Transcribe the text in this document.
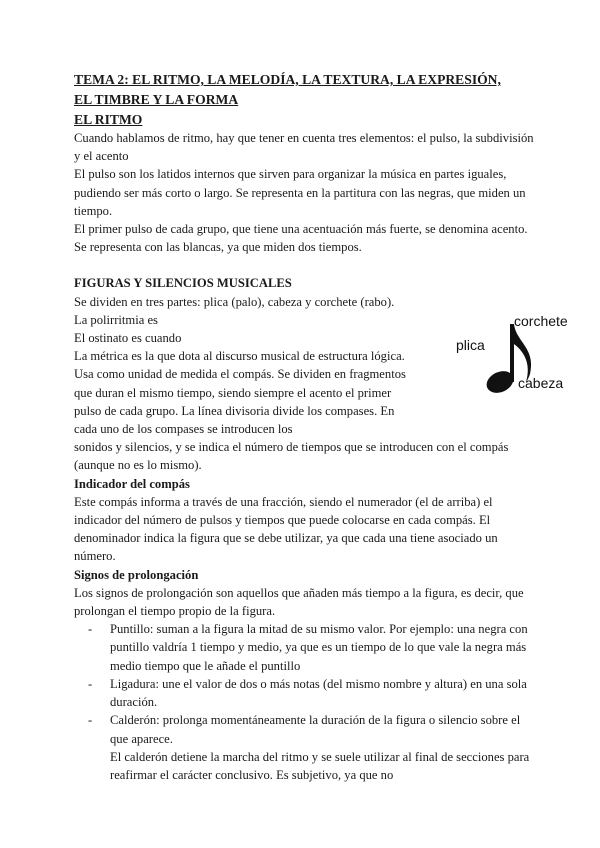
TEMA 2: EL RITMO, LA MELODÍA, LA TEXTURA, LA EXPRESIÓN,
EL TIMBRE Y LA FORMA
EL RITMO

Cuando hablamos de ritmo, hay que tener en cuenta tres elementos: el pulso, la subdivisión y el acento

El pulso son los latidos internos que sirven para organizar la música en partes iguales, pudiendo ser más corto o largo. Se representa en la partitura con las negras, que miden un tiempo.

El primer pulso de cada grupo, que tiene una acentuación más fuerte, se denomina acento. Se representa con las blancas, ya que miden dos tiempos.

FIGURAS Y SILENCIOS MUSICALES

Se dividen en tres partes: plica (palo), cabeza y corchete (rabo).

La polirritmia es

El ostinato es cuando

La métrica es la que dota al discurso musical de estructura lógica. Usa como unidad de medida el compás. Se dividen en fragmentos que duran el mismo tiempo, siendo siempre el acento el primer pulso de cada grupo. La línea divisoria divide los compases. En cada uno de los compases se introducen los

sonidos y silencios, y se indica el número de tiempos que se introducen con el compás (aunque no es lo mismo).

Indicador del compás

Este compás informa a través de una fracción, siendo el numerador (el de arriba) el indicador del número de pulsos y tiempos que puede colocarse en cada compás. El denominador indica la figura que se debe utilizar, ya que cada una tiene asociado un número.

Signos de prolongación

Los signos de prolongación son aquellos que añaden más tiempo a la figura, es decir, que prolongan el tiempo propio de la figura.

- Puntillo: suman a la figura la mitad de su mismo valor. Por ejemplo: una negra con puntillo valdría 1 tiempo y medio, ya que es un tiempo de lo que vale la negra más medio tiempo que le añade el puntillo
- Ligadura: une el valor de dos o más notas (del mismo nombre y altura) en una sola duración.
- Calderón: prolonga momentáneamente la duración de la figura o silencio sobre el que aparece.

El calderón detiene la marcha del ritmo y se suele utilizar al final de secciones para reafirmar el carácter conclusivo. Es subjetivo, ya que no

corchete
plica
cabeza
